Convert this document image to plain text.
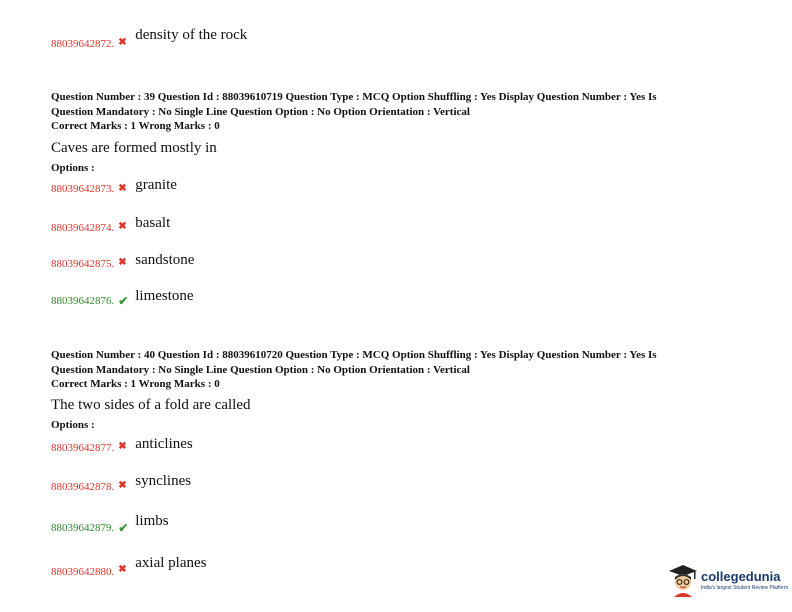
88039642872. ✖ density of the rock
Question Number : 39 Question Id : 88039610719 Question Type : MCQ Option Shuffling : Yes Display Question Number : Yes Is
Question Mandatory : No Single Line Question Option : No Option Orientation : Vertical
Correct Marks : 1 Wrong Marks : 0
Caves are formed mostly in
Options :
88039642873. ✖ granite
88039642874. ✖ basalt
88039642875. ✖ sandstone
88039642876. ✔ limestone
Question Number : 40 Question Id : 88039610720 Question Type : MCQ Option Shuffling : Yes Display Question Number : Yes Is
Question Mandatory : No Single Line Question Option : No Option Orientation : Vertical
Correct Marks : 1 Wrong Marks : 0
The two sides of a fold are called
Options :
88039642877. ✖ anticlines
88039642878. ✖ synclines
88039642879. ✔ limbs
88039642880. ✖ axial planes
collegedunia
India's largest Student Review Platform
